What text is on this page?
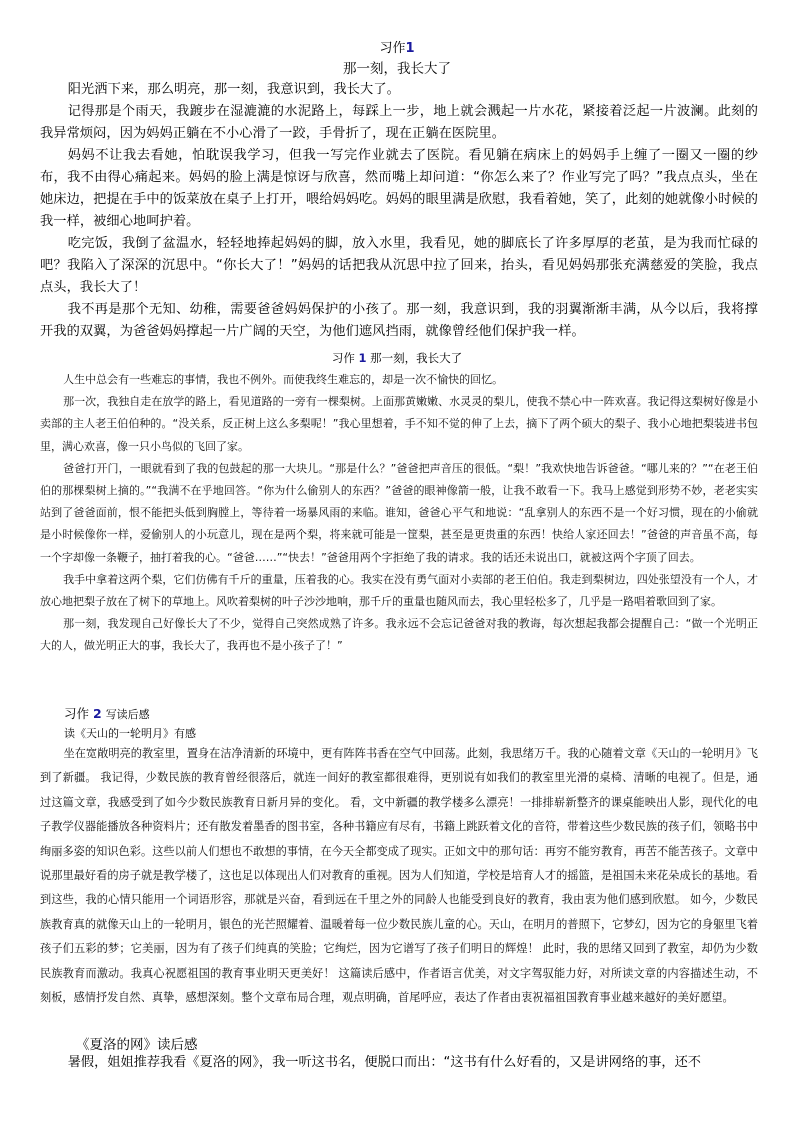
习作1
那一刻，我长大了

阳光洒下来，那么明亮，那一刻，我意识到，我长大了。

记得那是个雨天，我踱步在湿漉漉的水泥路上，每踩上一步，地上就会溅起一片水花，紧接着泛起一片波澜。此刻的我异常烦闷，因为妈妈正躺在不小心滑了一跤，手骨折了，现在正躺在医院里。

妈妈不让我去看她，怕耽误我学习，但我一写完作业就去了医院。看见躺在病床上的妈妈手上缠了一圈又一圈的纱布，我不由得心痛起来。妈妈的脸上满是惊讶与欣喜，然而嘴上却问道：“你怎么来了？作业写完了吗？”我点点头，坐在她床边，把提在手中的饭菜放在桌子上打开，喂给妈妈吃。妈妈的眼里满是欣慰，我看着她，笑了，此刻的她就像小时候的我一样，被细心地呵护着。

吃完饭，我倒了盆温水，轻轻地捧起妈妈的脚，放入水里，我看见，她的脚底长了许多厚厚的老茧，是为我而忙碌的吧？我陷入了深深的沉思中。“你长大了！”妈妈的话把我从沉思中拉了回来，抬头，看见妈妈那张充满慈爱的笑脸，我点点头，我长大了！

我不再是那个无知、幼稚，需要爸爸妈妈保护的小孩了。那一刻，我意识到，我的羽翼渐渐丰满，从今以后，我将撑开我的双翼，为爸爸妈妈撑起一片广阔的天空，为他们遮风挡雨，就像曾经他们保护我一样。

习作 1 那一刻，我长大了

人生中总会有一些难忘的事情，我也不例外。而使我终生难忘的，却是一次不愉快的回忆。

那一次，我独自走在放学的路上，看见道路的一旁有一棵梨树。上面那黄嫩嫩、水灵灵的梨儿，使我不禁心中一阵欢喜。我记得这梨树好像是小卖部的主人老王伯伯种的。“没关系，反正树上这么多梨呢！”我心里想着，手不知不觉的伸了上去，摘下了两个硕大的梨子、我小心地把梨装进书包里，满心欢喜，像一只小鸟似的飞回了家。

爸爸打开门，一眼就看到了我的包鼓起的那一大块儿。“那是什么？”爸爸把声音压的很低。“梨！”我欢快地告诉爸爸。“哪儿来的？”“在老王伯伯的那棵梨树上摘的。”“我满不在乎地回答。“你为什么偷别人的东西？”爸爸的眼神像箭一般，让我不敢看一下。我马上感觉到形势不妙，老老实实站到了爸爸面前，恨不能把头低到胸膛上，等待着一场暴风雨的来临。谁知，爸爸心平气和地说：“乱拿别人的东西不是一个好习惯，现在的小偷就是小时候像你一样，爱偷别人的小玩意儿，现在是两个梨，将来就可能是一筐梨，甚至是更贵重的东西！快给人家还回去！”爸爸的声音虽不高，每一个字却像一条鞭子，抽打着我的心。“爸爸……”“快去！”爸爸用两个字拒绝了我的请求。我的话还未说出口，就被这两个字顶了回去。

我手中拿着这两个梨，它们仿佛有千斤的重量，压着我的心。我实在没有勇气面对小卖部的老王伯伯。我走到梨树边，四处张望没有一个人，才放心地把梨子放在了树下的草地上。风吹着梨树的叶子沙沙地响，那千斤的重量也随风而去，我心里轻松多了，几乎是一路唱着歌回到了家。

那一刻，我发现自己好像长大了不少，觉得自己突然成熟了许多。我永远不会忘记爸爸对我的教诲，每次想起我都会提醒自己：“做一个光明正大的人，做光明正大的事，我长大了，我再也不是小孩子了！”

习作 2 写读后感
读《天山的一轮明月》有感

坐在宽敞明亮的教室里，置身在洁净清新的环境中，更有阵阵书香在空气中回荡。此刻，我思绪万千。我的心随着文章《天山的一轮明月》飞到了新疆。 我记得，少数民族的教育曾经很落后，就连一间好的教室都很难得，更别说有如我们的教室里光滑的桌椅、清晰的电视了。但是，通过这篇文章，我感受到了如今少数民族教育日新月异的变化。 看，文中新疆的教学楼多么漂亮！一排排崭新整齐的课桌能映出人影，现代化的电子教学仪器能播放各种资料片；还有散发着墨香的图书室，各种书籍应有尽有，书籍上跳跃着文化的音符，带着这些少数民族的孩子们，领略书中绚丽多姿的知识色彩。这些以前人们想也不敢想的事情，在今天全都变成了现实。正如文中的那句话：再穷不能穷教育，再苦不能苦孩子。文章中说那里最好看的房子就是教学楼了，这也足以体现出人们对教育的重视。因为人们知道，学校是培育人才的摇篮，是祖国未来花朵成长的基地。看到这些，我的心情只能用一个词语形容，那就是兴奋，看到远在千里之外的同龄人也能受到良好的教育，我由衷为他们感到欣慰。 如今，少数民族教育真的就像天山上的一轮明月，银色的光芒照耀着、温暖着每一位少数民族儿童的心。天山，在明月的普照下，它梦幻，因为它的身躯里飞着孩子们五彩的梦；它美丽，因为有了孩子们纯真的笑脸；它绚烂，因为它谱写了孩子们明日的辉煌！ 此时，我的思绪又回到了教室，却仍为少数民族教育而激动。我真心祝愿祖国的教育事业明天更美好！ 这篇读后感中，作者语言优美，对文字驾驭能力好，对所读文章的内容描述生动，不刻板，感情抒发自然、真挚，感想深刻。整个文章布局合理，观点明确，首尾呼应，表达了作者由衷祝福祖国教育事业越来越好的美好愿望。

《夏洛的网》读后感

暑假，姐姐推荐我看《夏洛的网》，我一听这书名，便脱口而出：“这书有什么好看的，又是讲网络的事，还不
